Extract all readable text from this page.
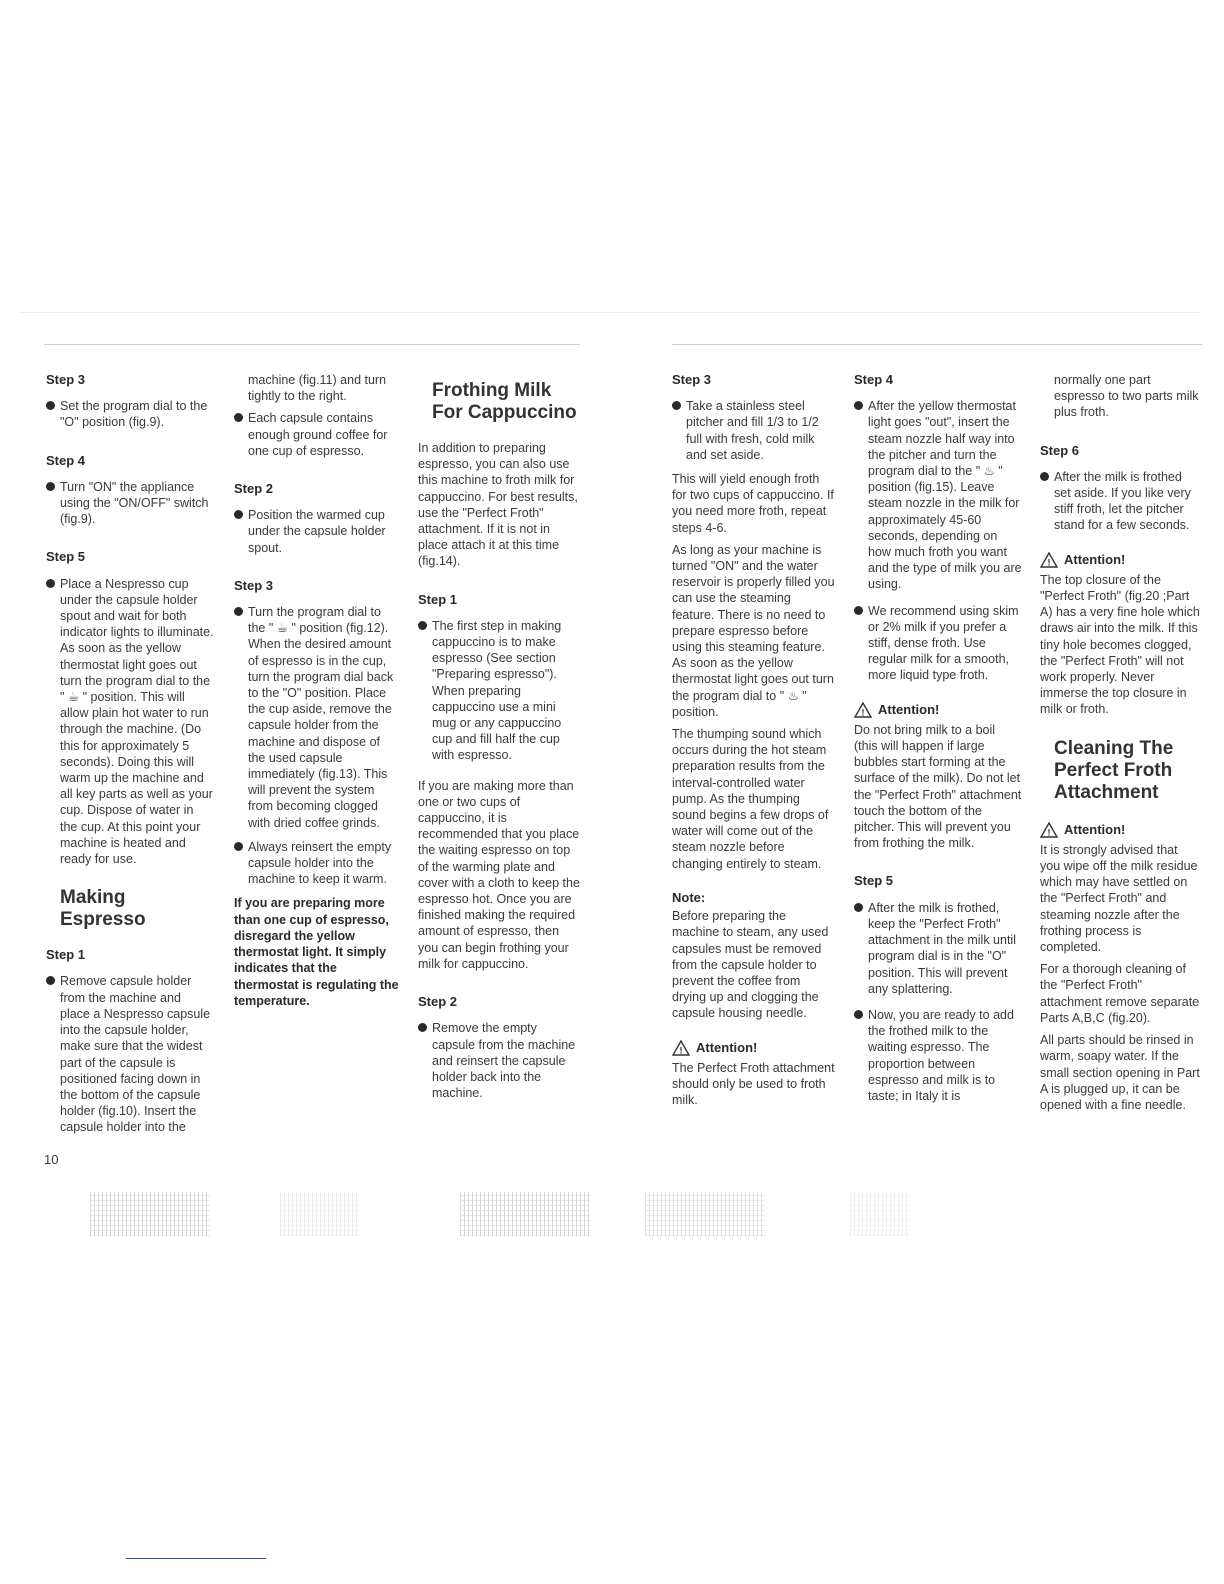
Step 3
Set the program dial to the "O" position (fig.9).
Step 4
Turn "ON" the appliance using the "ON/OFF" switch (fig.9).
Step 5
Place a Nespresso cup under the capsule holder spout and wait for both indicator lights to illuminate. As soon as the yellow thermostat light goes out turn the program dial to the " ☕ " position. This will allow plain hot water to run through the machine. (Do this for approximately 5 seconds). Doing this will warm up the machine and all key parts as well as your cup. Dispose of water in the cup. At this point your machine is heated and ready for use.
Making Espresso
Step 1
Remove capsule holder from the machine and place a Nespresso capsule into the capsule holder, make sure that the widest part of the capsule is positioned facing down in the bottom of the capsule holder (fig.10). Insert the capsule holder into the

machine (fig.11) and turn tightly to the right.

Each capsule contains enough ground coffee for one cup of espresso.
Step 2
Position the warmed cup under the capsule holder spout.
Step 3
Turn the program dial to the " ☕ " position (fig.12). When the desired amount of espresso is in the cup, turn the program dial back to the "O" position. Place the cup aside, remove the capsule holder from the machine and dispose of the used capsule immediately (fig.13). This will prevent the system from becoming clogged with dried coffee grinds.
Always reinsert the empty capsule holder into the machine to keep it warm.

If you are preparing more than one cup of espresso, disregard the yellow thermostat light. It simply indicates that the thermostat is regulating the temperature.

Frothing Milk
For Cappuccino

In addition to preparing espresso, you can also use this machine to froth milk for cappuccino. For best results, use the "Perfect Froth" attachment. If it is not in place attach it at this time (fig.14).

Step 1
The first step in making cappuccino is to make espresso (See section "Preparing espresso"). When preparing cappuccino use a mini mug or any cappuccino cup and fill half the cup with espresso.

If you are making more than one or two cups of cappuccino, it is recommended that you place the waiting espresso on top of the warming plate and cover with a cloth to keep the espresso hot. Once you are finished making the required amount of espresso, then you can begin frothing your milk for cappuccino.

Step 2
Remove the empty capsule from the machine and reinsert the capsule holder back into the machine.
Step 3
Take a stainless steel pitcher and fill 1/3 to 1/2 full with fresh, cold milk and set aside.

This will yield enough froth for two cups of cappuccino. If you need more froth, repeat steps 4-6.

As long as your machine is turned "ON" and the water reservoir is properly filled you can use the steaming feature. There is no need to prepare espresso before using this steaming feature. As soon as the yellow thermostat light goes out turn the program dial to " ♨ " position.

The thumping sound which occurs during the hot steam preparation results from the interval-controlled water pump. As the thumping sound begins a few drops of water will come out of the steam nozzle before changing entirely to steam.

Note:

Before preparing the machine to steam, any used capsules must be removed from the capsule holder to prevent the coffee from drying up and clogging the capsule housing needle.

! Attention!

The Perfect Froth attachment should only be used to froth milk.

Step 4
After the yellow thermostat light goes "out", insert the steam nozzle half way into the pitcher and turn the program dial to the " ♨ " position (fig.15). Leave steam nozzle in the milk for approximately 45-60 seconds, depending on how much froth you want and the type of milk you are using.
We recommend using skim or 2% milk if you prefer a stiff, dense froth. Use regular milk for a smooth, more liquid type froth.
! Attention!

Do not bring milk to a boil (this will happen if large bubbles start forming at the surface of the milk). Do not let the "Perfect Froth" attachment touch the bottom of the pitcher. This will prevent you from frothing the milk.

Step 5
After the milk is frothed, keep the "Perfect Froth" attachment in the milk until program dial is in the "O" position. This will prevent any splattering.
Now, you are ready to add the frothed milk to the waiting espresso. The proportion between espresso and milk is to taste; in Italy it is

normally one part espresso to two parts milk plus froth.

Step 6
After the milk is frothed set aside. If you like very stiff froth, let the pitcher stand for a few seconds.
! Attention!

The top closure of the "Perfect Froth" (fig.20 ;Part A) has a very fine hole which draws air into the milk. If this tiny hole becomes clogged, the "Perfect Froth" will not work properly. Never immerse the top closure in milk or froth.

Cleaning The
Perfect Froth
Attachment
! Attention!

It is strongly advised that you wipe off the milk residue which may have settled on the "Perfect Froth" and steaming nozzle after the frothing process is completed.

For a thorough cleaning of the "Perfect Froth" attachment remove separate Parts A,B,C (fig.20).

All parts should be rinsed in warm, soapy water. If the small section opening in Part A is plugged up, it can be opened with a fine needle.

10
